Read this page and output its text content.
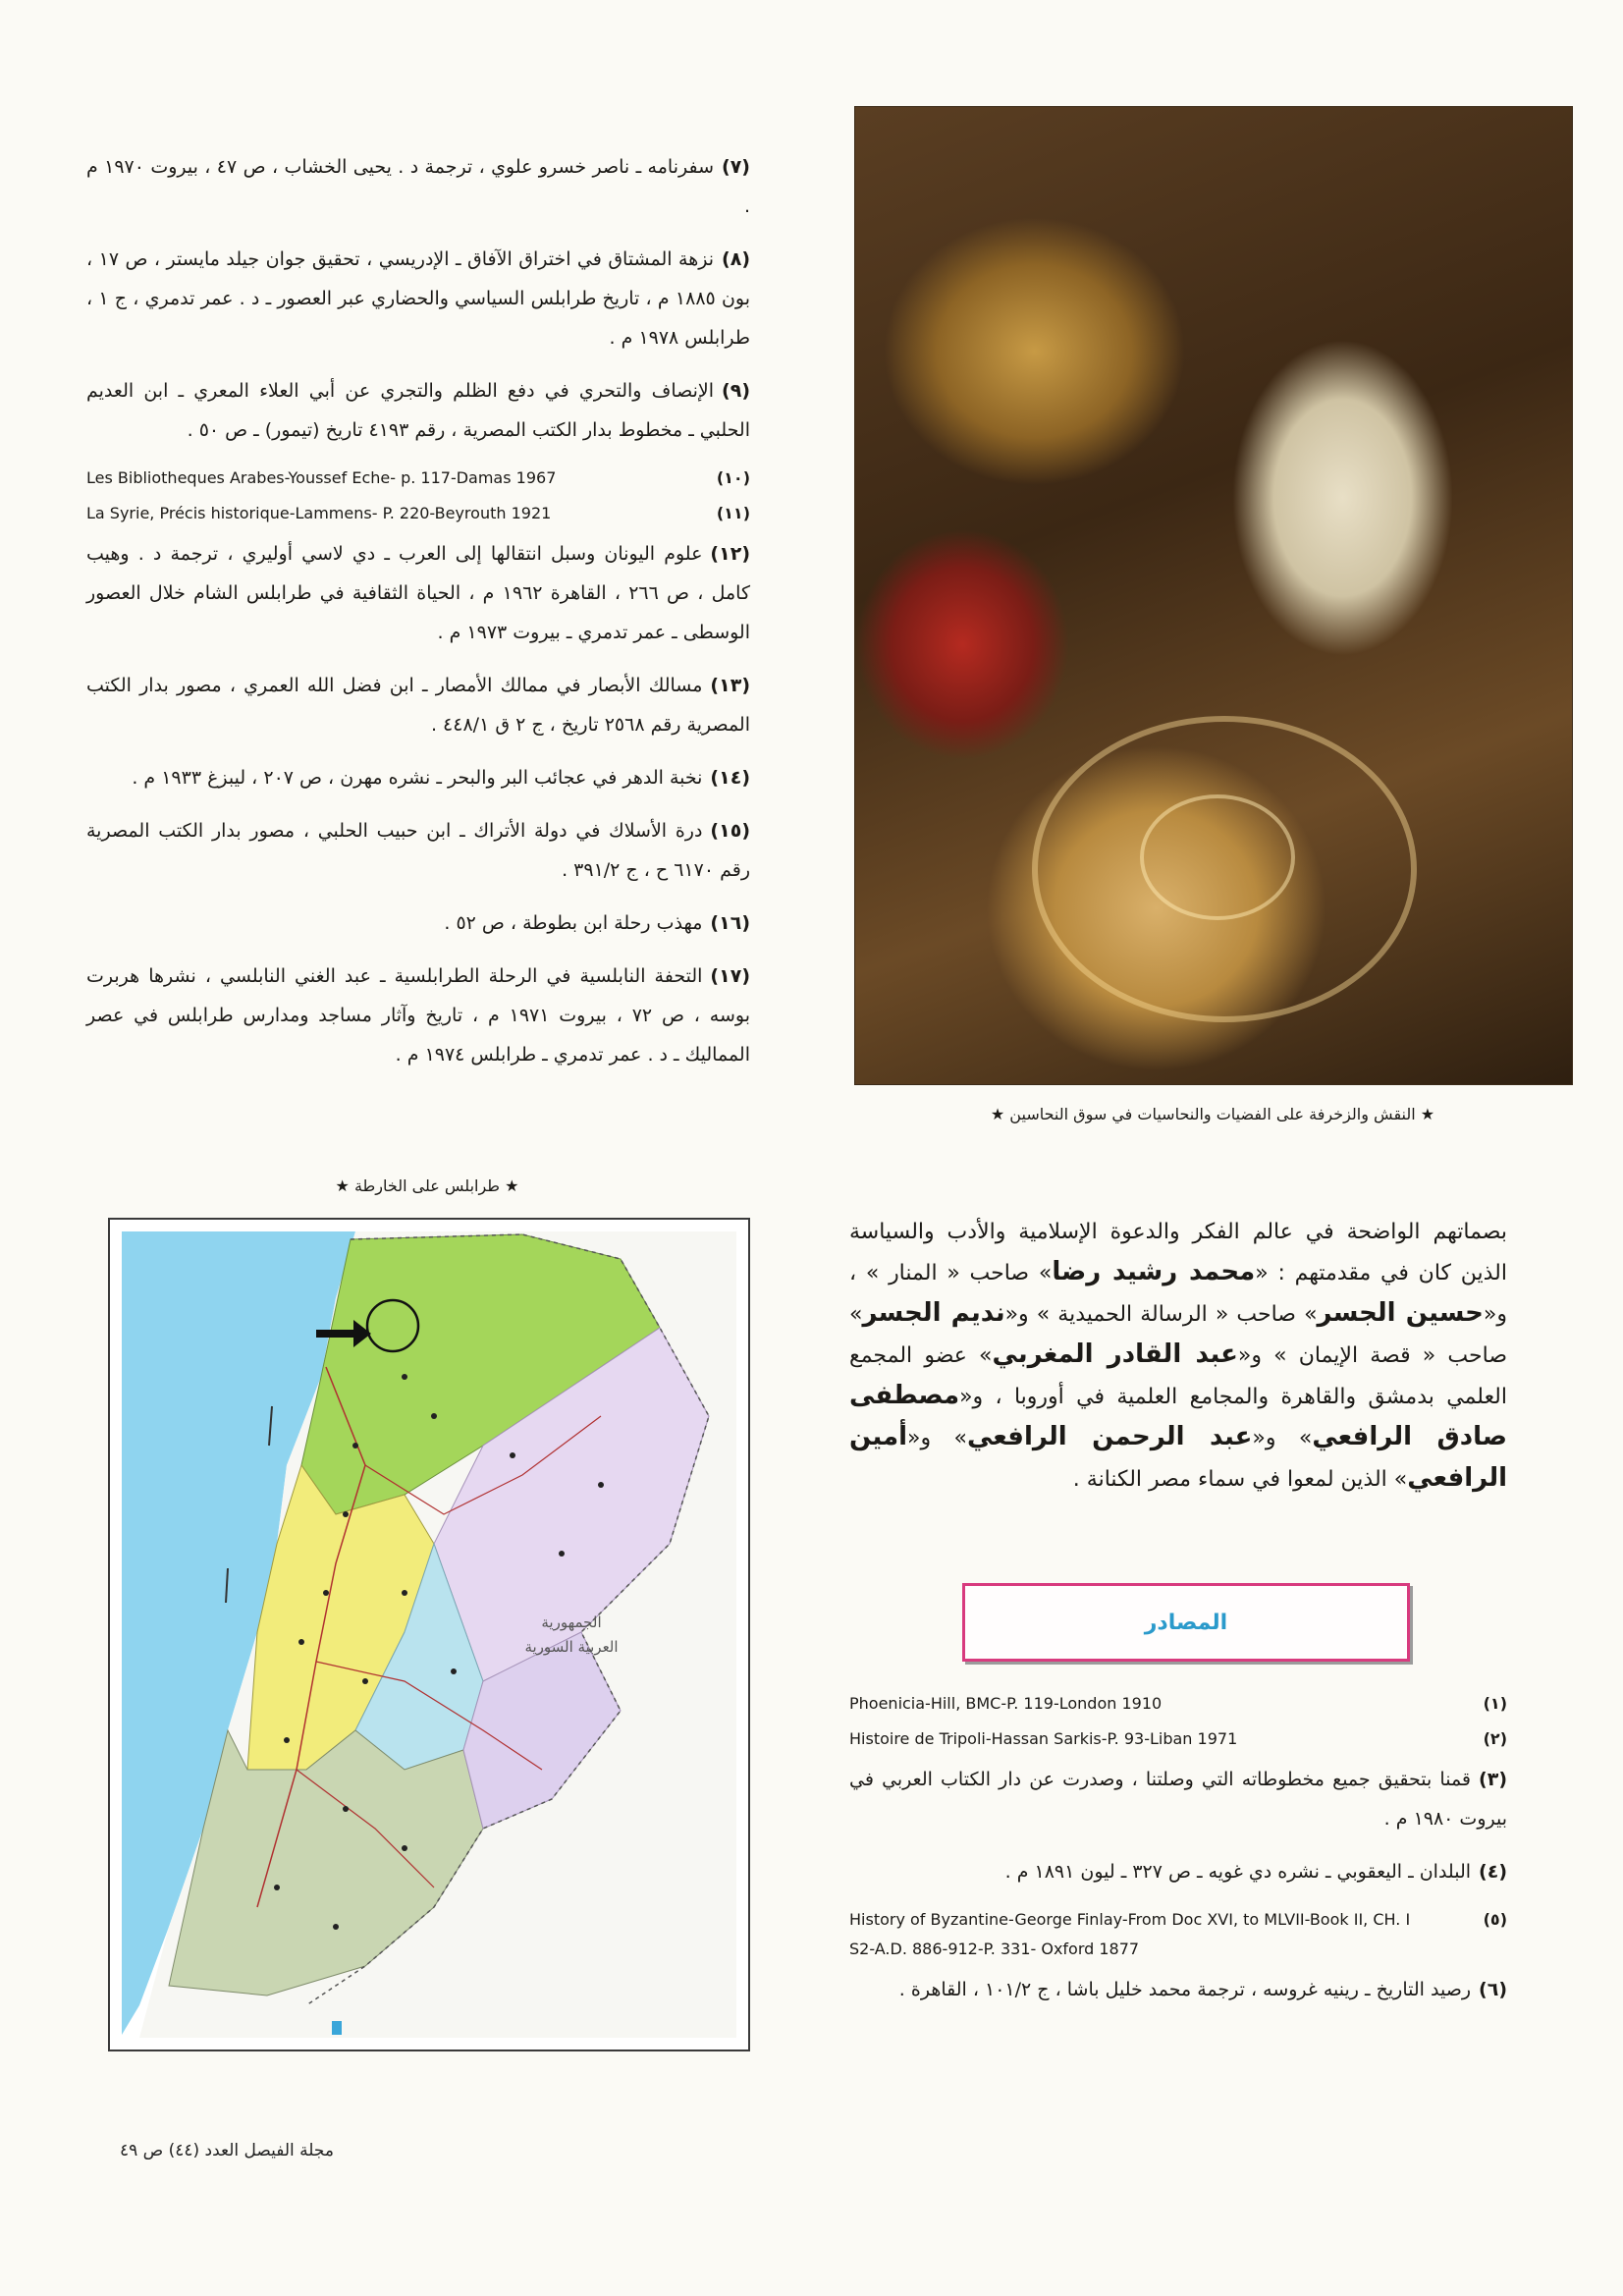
(٧)سفرنامه ـ ناصر خسرو علوي ، ترجمة د . يحيى الخشاب ، ص ٤٧ ، بيروت ١٩٧٠ م .
(٨)نزهة المشتاق في اختراق الآفاق ـ الإدريسي ، تحقيق جوان جيلد مايستر ، ص ١٧ ، بون ١٨٨٥ م ، تاريخ طرابلس السياسي والحضاري عبر العصور ـ د . عمر تدمري ، ج ١ ، طرابلس ١٩٧٨ م .
(٩)الإنصاف والتحري في دفع الظلم والتجري عن أبي العلاء المعري ـ ابن العديم الحلبي ـ مخطوط بدار الكتب المصرية ، رقم ٤١٩٣ تاريخ (تيمور) ـ ص ٥٠ .
(١٠)
Les Bibliotheques Arabes-Youssef Eche- p. 117-Damas 1967
(١١)
La Syrie, Précis historique-Lammens- P. 220-Beyrouth 1921
(١٢)علوم اليونان وسبل انتقالها إلى العرب ـ دي لاسي أوليري ، ترجمة د . وهيب كامل ، ص ٢٦٦ ، القاهرة ١٩٦٢ م ، الحياة الثقافية في طرابلس الشام خلال العصور الوسطى ـ عمر تدمري ـ بيروت ١٩٧٣ م .
(١٣)مسالك الأبصار في ممالك الأمصار ـ ابن فضل الله العمري ، مصور بدار الكتب المصرية رقم ٢٥٦٨ تاريخ ، ج ٢ ق ٤٤٨/١ .
(١٤)نخبة الدهر في عجائب البر والبحر ـ نشره مهرن ، ص ٢٠٧ ، ليبزغ ١٩٣٣ م .
(١٥)درة الأسلاك في دولة الأتراك ـ ابن حبيب الحلبي ، مصور بدار الكتب المصرية رقم ٦١٧٠ ح ، ج ٣٩١/٢ .
(١٦)مهذب رحلة ابن بطوطة ، ص ٥٢ .
(١٧)التحفة النابلسية في الرحلة الطرابلسية ـ عبد الغني النابلسي ، نشرها هربرت بوسه ، ص ٧٢ ، بيروت ١٩٧١ م ، تاريخ وآثار مساجد ومدارس طرابلس في عصر المماليك ـ د . عمر تدمري ـ طرابلس ١٩٧٤ م .
★ النقش والزخرفة على الفضيات والنحاسيات في سوق النحاسين ★
★ طرابلس على الخارطة ★
الجمهورية
العربية السورية
بصماتهم الواضحة في عالم الفكر والدعوة الإسلامية والأدب والسياسة الذين كان في مقدمتهم : «محمد رشيد رضا» صاحب « المنار » ، و«حسين الجسر» صاحب « الرسالة الحميدية » و«نديم الجسر» صاحب « قصة الإيمان » و«عبد القادر المغربي» عضو المجمع العلمي بدمشق والقاهرة والمجامع العلمية في أوروبا ، و«مصطفى صادق الرافعي» و«عبد الرحمن الرافعي» و«أمين الرافعي» الذين لمعوا في سماء مصر الكنانة .
المصادر
(١)
Phoenicia-Hill, BMC-P. 119-London 1910
(٢)
Histoire de Tripoli-Hassan Sarkis-P. 93-Liban 1971
(٣)قمنا بتحقيق جميع مخطوطاته التي وصلتنا ، وصدرت عن دار الكتاب العربي في بيروت ١٩٨٠ م .
(٤)البلدان ـ اليعقوبي ـ نشره دي غويه ـ ص ٣٢٧ ـ ليون ١٨٩١ م .
(٥)
History of Byzantine-George Finlay-From Doc XVI, to MLVII-Book II, CH. I S2-A.D. 886-912-P. 331- Oxford 1877
(٦)رصيد التاريخ ـ رينيه غروسه ، ترجمة محمد خليل باشا ، ج ١٠١/٢ ، القاهرة .
مجلة الفيصل العدد (٤٤) ص ٤٩
